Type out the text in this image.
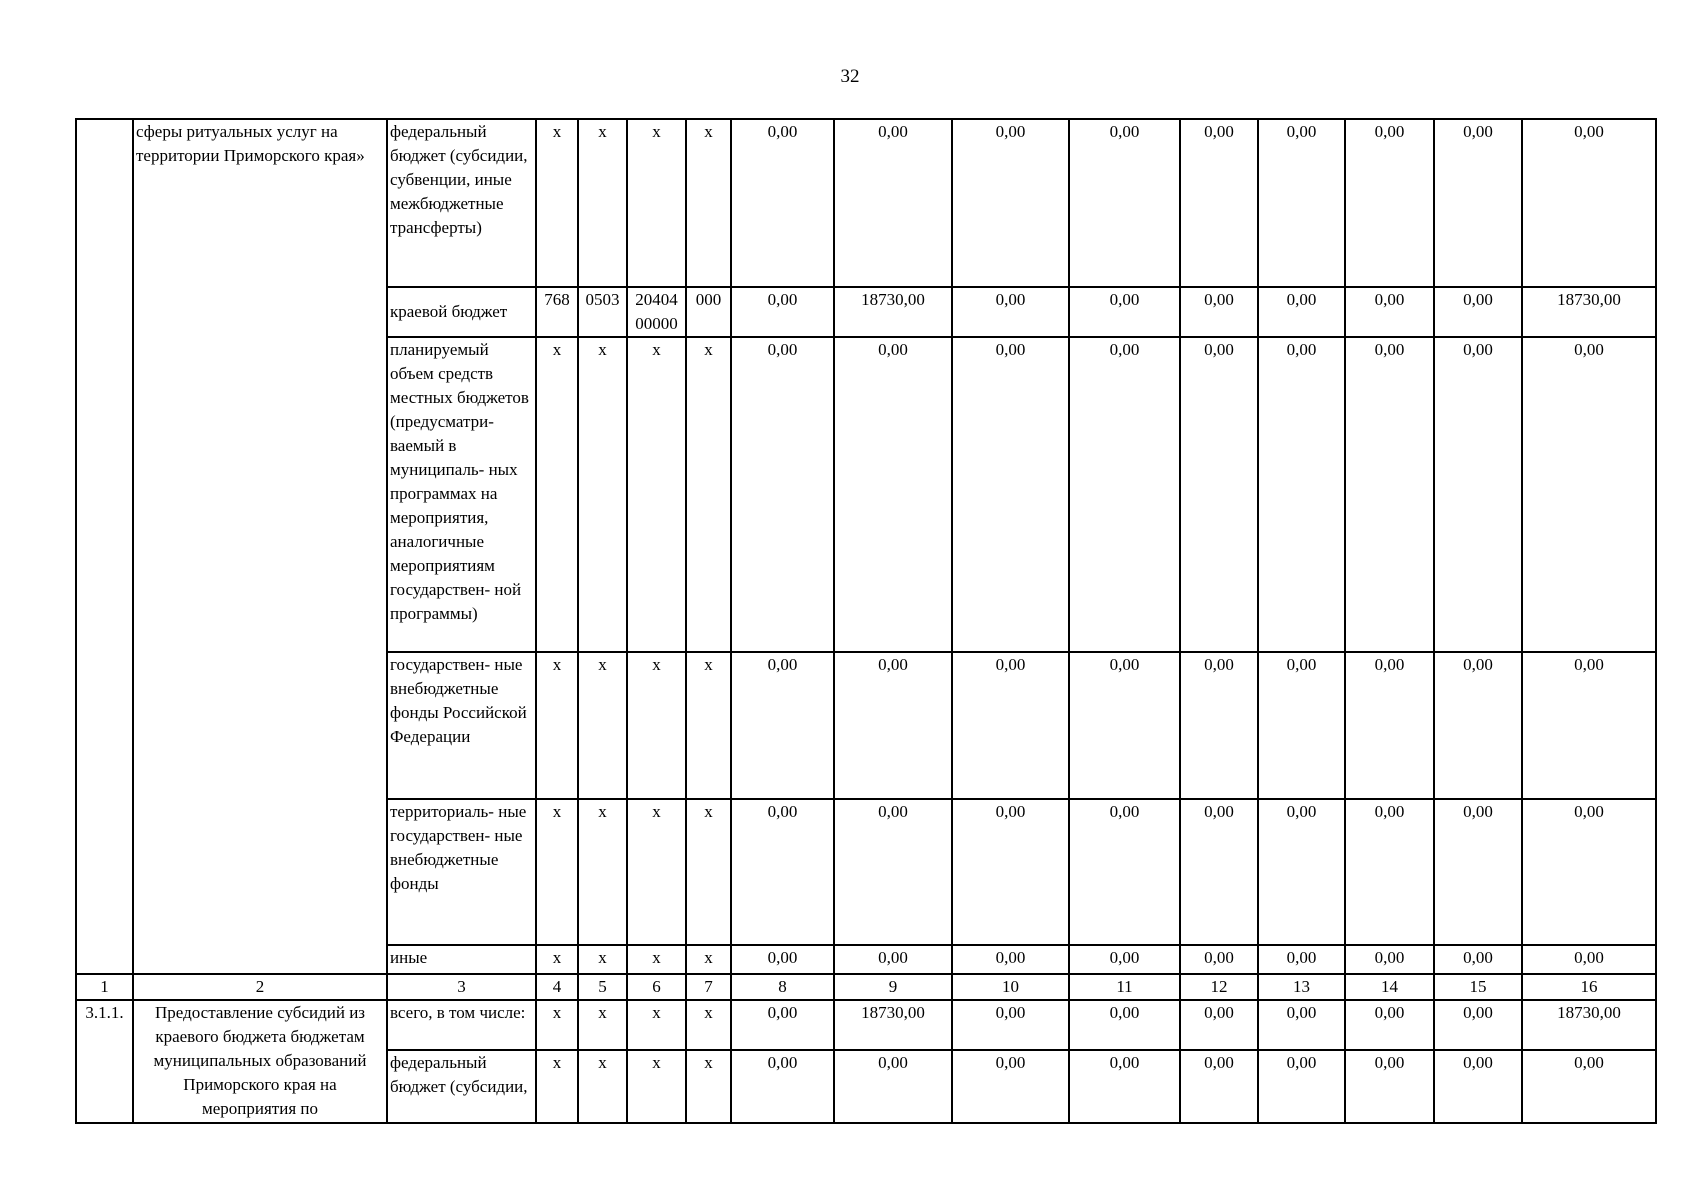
32
	сферы ритуальных услуг на территории Приморского края»	федеральный бюджет (субсидии, субвенции, иные межбюджетные трансферты)	x	x	x	x	0,00	0,00	0,00	0,00	0,00	0,00	0,00	0,00	0,00
		краевой бюджет	768	0503	20404 00000	000	0,00	18730,00	0,00	0,00	0,00	0,00	0,00	0,00	18730,00
		планируемый объем средств местных бюджетов (предусматри- ваемый в муниципаль- ных программах на мероприятия, аналогичные мероприятиям государствен- ной программы)	x	x	x	x	0,00	0,00	0,00	0,00	0,00	0,00	0,00	0,00	0,00
		государствен- ные внебюджетные фонды Российской Федерации	x	x	x	x	0,00	0,00	0,00	0,00	0,00	0,00	0,00	0,00	0,00
		территориаль- ные государствен- ные внебюджетные фонды	x	x	x	x	0,00	0,00	0,00	0,00	0,00	0,00	0,00	0,00	0,00
		иные	x	x	x	x	0,00	0,00	0,00	0,00	0,00	0,00	0,00	0,00	0,00
1	2	3	4	5	6	7	8	9	10	11	12	13	14	15	16
3.1.1.	Предоставление субсидий из краевого бюджета бюджетам муниципальных образований Приморского края на мероприятия по	всего, в том числе:	x	x	x	x	0,00	18730,00	0,00	0,00	0,00	0,00	0,00	0,00	18730,00
		федеральный бюджет (субсидии,	x	x	x	x	0,00	0,00	0,00	0,00	0,00	0,00	0,00	0,00	0,00
